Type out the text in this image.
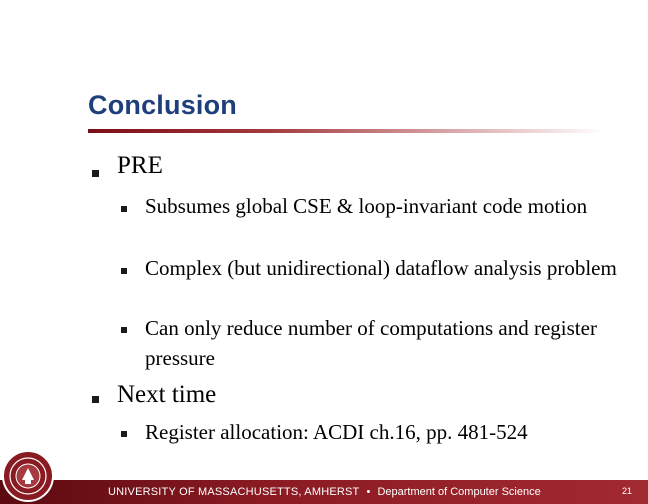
Conclusion
PRE
Subsumes global CSE & loop-invariant code motion
Complex (but unidirectional) dataflow analysis problem
Can only reduce number of computations and register pressure
Next time
Register allocation: ACDI ch.16, pp. 481-524
UNIVERSITY OF MASSACHUSETTS, AMHERST • Department of Computer Science	21
